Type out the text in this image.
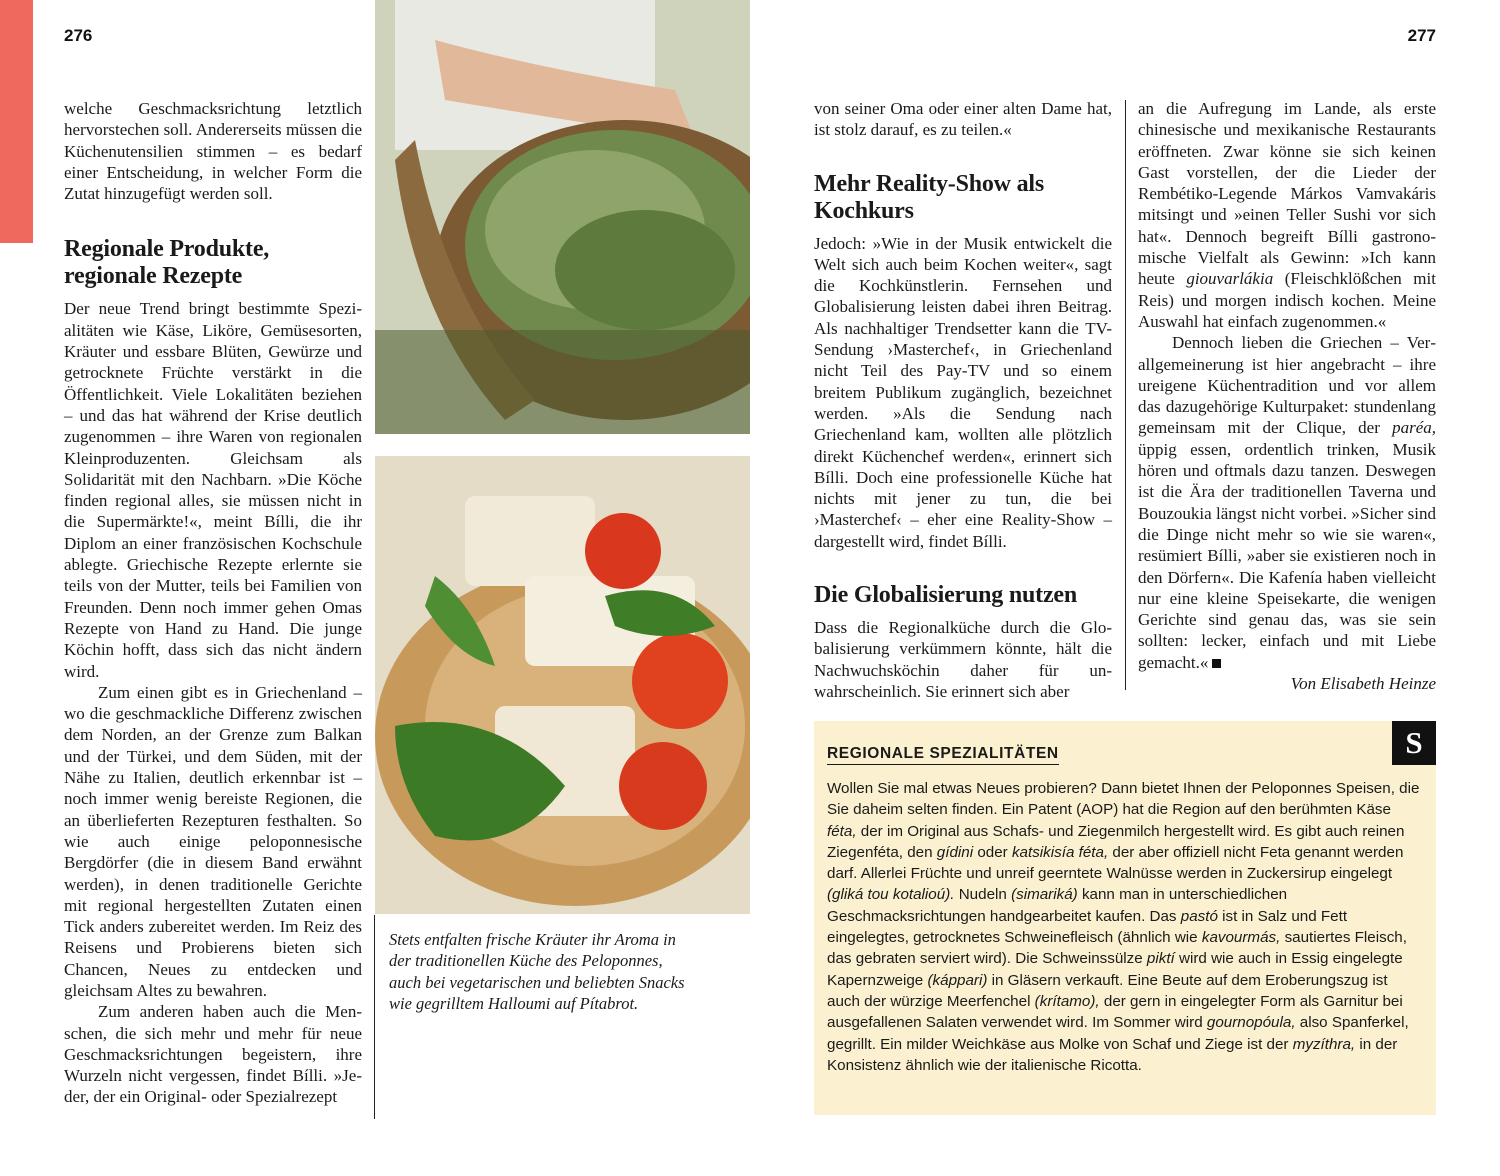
276	277

welche Geschmacksrichtung letztlich hervorstechen soll. Andererseits müssen die Küchenutensilien stimmen – es bedarf einer Entscheidung, in welcher Form die Zutat hinzugefügt werden soll.

Regionale Produkte, regionale Rezepte

Der neue Trend bringt bestimmte Spezialitäten wie Käse, Liköre, Gemüsesorten, Kräuter und essbare Blüten, Gewürze und getrocknete Früchte verstärkt in die Öffentlichkeit. Viele Lokalitäten beziehen – und das hat während der Krise deutlich zugenommen – ihre Waren von regionalen Kleinproduzenten. Gleichsam als Solidarität mit den Nachbarn. »Die Köche finden regional alles, sie müssen nicht in die Supermärkte!«, meint Bílli, die ihr Diplom an einer französischen Kochschule ablegte. Griechische Rezepte erlernte sie teils von der Mutter, teils bei Familien von Freunden. Denn noch immer gehen Omas Rezepte von Hand zu Hand. Die junge Köchin hofft, dass sich das nicht ändern wird.

Zum einen gibt es in Griechenland – wo die geschmackliche Differenz zwischen dem Norden, an der Grenze zum Balkan und der Türkei, und dem Süden, mit der Nähe zu Italien, deutlich erkennbar ist – noch immer wenig bereiste Regionen, die an überlieferten Rezepturen festhalten. So wie auch einige peloponnesische Bergdörfer (die in diesem Band erwähnt werden), in denen traditionelle Gerichte mit regional hergestellten Zutaten einen Tick anders zubereitet werden. Im Reiz des Reisens und Probierens bieten sich Chancen, Neues zu entdecken und gleichsam Altes zu bewahren.

Zum anderen haben auch die Menschen, die sich mehr und mehr für neue Geschmacksrichtungen begeistern, ihre Wurzeln nicht vergessen, findet Bílli. »Jeder, der ein Original- oder Spezialrezept

Stets entfalten frische Kräuter ihr Aroma in der traditionellen Küche des Peloponnes, auch bei vegetarischen und beliebten Snacks wie gegrilltem Halloumi auf Pítabrot.

von seiner Oma oder einer alten Dame hat, ist stolz darauf, es zu teilen.«

Mehr Reality-Show als Kochkurs

Jedoch: »Wie in der Musik entwickelt die Welt sich auch beim Kochen weiter«, sagt die Kochkünstlerin. Fernsehen und Globalisierung leisten dabei ihren Beitrag. Als nachhaltiger Trendsetter kann die TV-Sendung ›Masterchef‹, in Griechenland nicht Teil des Pay-TV und so einem breitem Publikum zugänglich, bezeichnet werden. »Als die Sendung nach Griechenland kam, wollten alle plötzlich direkt Küchenchef werden«, erinnert sich Bílli. Doch eine professionelle Küche hat nichts mit jener zu tun, die bei ›Masterchef‹ – eher eine Reality-Show – dargestellt wird, findet Bílli.

Die Globalisierung nutzen

Dass die Regionalküche durch die Globalisierung verkümmern könnte, hält die Nachwuchsköchin daher für unwahrscheinlich. Sie erinnert sich aber

an die Aufregung im Lande, als erste chinesische und mexikanische Restaurants eröffneten. Zwar könne sie sich keinen Gast vorstellen, der die Lieder der Rembétiko-Legende Márkos Vamvakáris mitsingt und »einen Teller Sushi vor sich hat«. Dennoch begreift Bílli gastronomische Vielfalt als Gewinn: »Ich kann heute giouvarlákia (Fleischklößchen mit Reis) und morgen indisch kochen. Meine Auswahl hat einfach zugenommen.«

Dennoch lieben die Griechen – Verallgemeinerung ist hier angebracht – ihre ureigene Küchentradition und vor allem das dazugehörige Kulturpaket: stundenlang gemeinsam mit der Clique, der paréa, üppig essen, ordentlich trinken, Musik hören und oftmals dazu tanzen. Deswegen ist die Ära der traditionellen Taverna und Bouzoukia längst nicht vorbei. »Sicher sind die Dinge nicht mehr so wie sie waren«, resümiert Bílli, »aber sie existieren noch in den Dörfern«. Die Kafenía haben vielleicht nur eine kleine Speisekarte, die wenigen Gerichte sind genau das, was sie sein sollten: lecker, einfach und mit Liebe gemacht.«

Von Elisabeth Heinze
REGIONALE SPEZIALITÄTEN	S
Wollen Sie mal etwas Neues probieren? Dann bietet Ihnen der Peloponnes Speisen, die Sie daheim selten finden. Ein Patent (AOP) hat die Region auf den berühmten Käse féta, der im Original aus Schafs- und Ziegenmilch hergestellt wird. Es gibt auch reinen Ziegenféta, den gídini oder katsikisía féta, der aber offiziell nicht Feta genannt werden darf. Allerlei Früchte und unreif geerntete Walnüsse werden in Zuckersirup eingelegt (gliká tou kotalioú). Nudeln (simariká) kann man in unterschiedlichen Geschmacksrichtungen handgearbeitet kaufen. Das pastó ist in Salz und Fett eingelegtes, getrocknetes Schweinefleisch (ähnlich wie kavourmás, sautiertes Fleisch, das gebraten serviert wird). Die Schweinssülze piktí wird wie auch in Essig eingelegte Kapernzweige (káppari) in Gläsern verkauft. Eine Beute auf dem Eroberungszug ist auch der würzige Meerfenchel (krítamo), der gern in eingelegter Form als Garnitur bei ausgefallenen Salaten verwendet wird. Im Sommer wird gournopóula, also Spanferkel, gegrillt. Ein milder Weichkäse aus Molke von Schaf und Ziege ist der myzíthra, in der Konsistenz ähnlich wie der italienische Ricotta.
